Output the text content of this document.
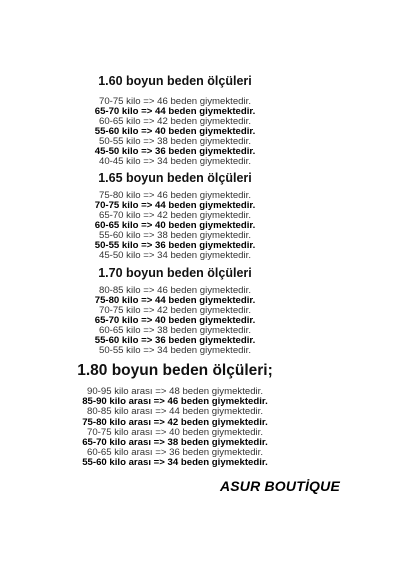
1.60 boyun beden ölçüleri
70-75 kilo => 46 beden giymektedir.
65-70 kilo => 44 beden giymektedir.
60-65 kilo => 42 beden giymektedir.
55-60 kilo => 40 beden giymektedir.
50-55 kilo => 38 beden giymektedir.
45-50 kilo => 36 beden giymektedir.
40-45 kilo => 34 beden giymektedir.
1.65 boyun beden ölçüleri
75-80 kilo => 46 beden giymektedir.
70-75 kilo => 44 beden giymektedir.
65-70 kilo => 42 beden giymektedir.
60-65 kilo => 40 beden giymektedir.
55-60 kilo => 38 beden giymektedir.
50-55 kilo => 36 beden giymektedir.
45-50 kilo => 34 beden giymektedir.
1.70 boyun beden ölçüleri
80-85 kilo => 46 beden giymektedir.
75-80 kilo => 44 beden giymektedir.
70-75 kilo => 42 beden giymektedir.
65-70 kilo => 40 beden giymektedir.
60-65 kilo => 38 beden giymektedir.
55-60 kilo => 36 beden giymektedir.
50-55 kilo => 34 beden giymektedir.
1.80 boyun beden ölçüleri;
90-95 kilo arası => 48 beden giymektedir.
85-90 kilo arası => 46 beden giymektedir.
80-85 kilo arası => 44 beden giymektedir.
75-80 kilo arası => 42 beden giymektedir.
70-75 kilo arası => 40 beden giymektedir.
65-70 kilo arası => 38 beden giymektedir.
60-65 kilo arası => 36 beden giymektedir.
55-60 kilo arası => 34 beden giymektedir.
ASUR BOUTİQUE
